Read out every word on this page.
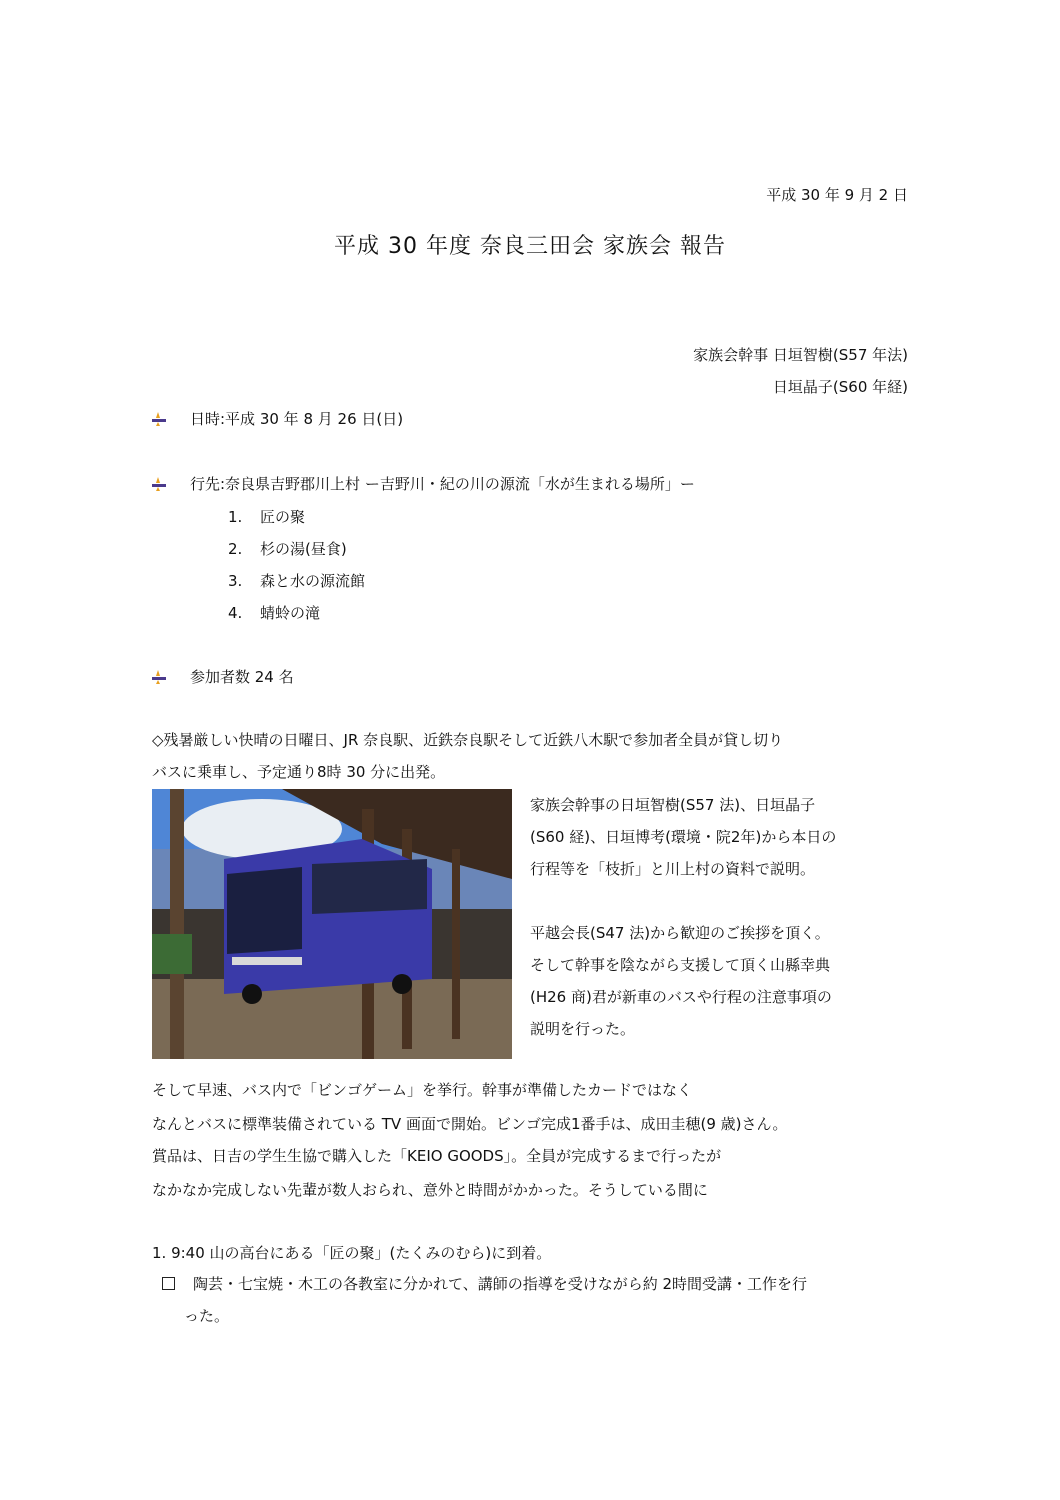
平成 30 年 9 月 2 日
平成 30 年度 奈良三田会 家族会 報告
家族会幹事 日垣智樹(S57 年法)
日垣晶子(S60 年経)
日時:平成 30 年 8 月 26 日(日)
行先:奈良県吉野郡川上村 ー吉野川・紀の川の源流「水が生まれる場所」ー
1. 匠の聚
2. 杉の湯(昼食)
3. 森と水の源流館
4. 蜻蛉の滝
参加者数 24 名
◇残暑厳しい快晴の日曜日、JR 奈良駅、近鉄奈良駅そして近鉄八木駅で参加者全員が貸し切り
バスに乗車し、予定通り8時 30 分に出発。
家族会幹事の日垣智樹(S57 法)、日垣晶子
(S60 経)、日垣博考(環境・院2年)から本日の
行程等を「枝折」と川上村の資料で説明。
平越会長(S47 法)から歓迎のご挨拶を頂く。
そして幹事を陰ながら支援して頂く山縣幸典
(H26 商)君が新車のバスや行程の注意事項の
説明を行った。
そして早速、バス内で「ビンゴゲーム」を挙行。幹事が準備したカードではなく
なんとバスに標準装備されている TV 画面で開始。ビンゴ完成1番手は、成田圭穂(9 歳)さん。
賞品は、日吉の学生生協で購入した「KEIO GOODS」。全員が完成するまで行ったが
なかなか完成しない先輩が数人おられ、意外と時間がかかった。そうしている間に
1. 9:40 山の高台にある「匠の聚」(たくみのむら)に到着。
陶芸・七宝焼・木工の各教室に分かれて、講師の指導を受けながら約 2時間受講・工作を行
った。
